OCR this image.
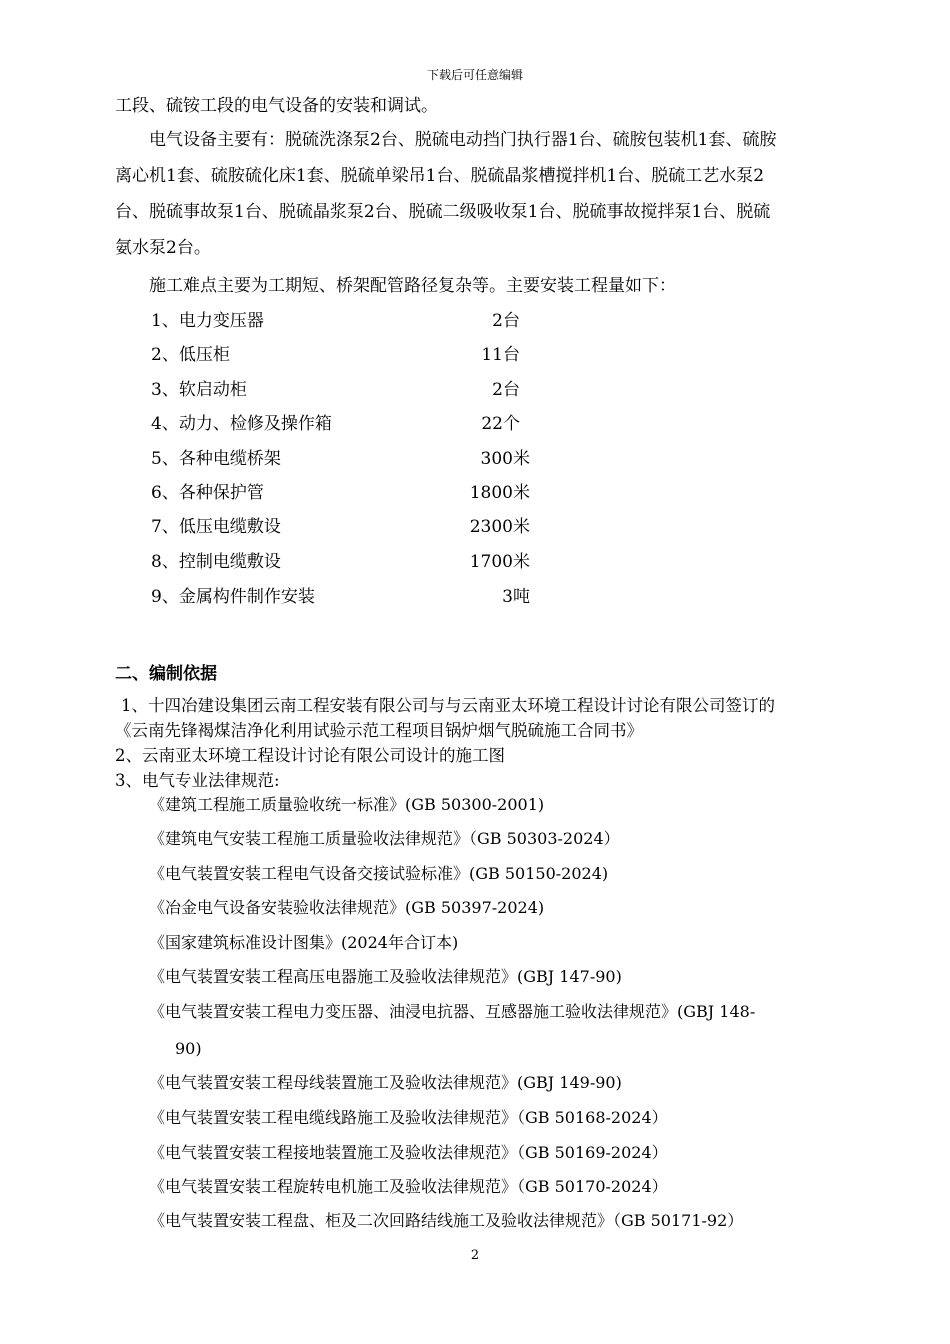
下载后可任意编辑
工段、硫铵工段的电气设备的安装和调试。
电气设备主要有：脱硫洗涤泵2台、脱硫电动挡门执行器1台、硫胺包装机1套、硫胺
离心机1套、硫胺硫化床1套、脱硫单梁吊1台、脱硫晶浆槽搅拌机1台、脱硫工艺水泵2
台、脱硫事故泵1台、脱硫晶浆泵2台、脱硫二级吸收泵1台、脱硫事故搅拌泵1台、脱硫
氨水泵2台。
施工难点主要为工期短、桥架配管路径复杂等。主要安装工程量如下：
1、电力变压器	2台
2、低压柜	11台
3、软启动柜	2台
4、动力、检修及操作箱	22个
5、各种电缆桥架	300米
6、各种保护管	1800米
7、低压电缆敷设	2300米
8、控制电缆敷设	1700米
9、金属构件制作安装	3吨
二、编制依据
1、十四冶建设集团云南工程安装有限公司与与云南亚太环境工程设计讨论有限公司签订的
《云南先锋褐煤洁净化利用试验示范工程项目锅炉烟气脱硫施工合同书》
2、云南亚太环境工程设计讨论有限公司设计的施工图
3、电气专业法律规范:
《建筑工程施工质量验收统一标准》(GB 50300-2001)
《建筑电气安装工程施工质量验收法律规范》（GB 50303-2024）
《电气装置安装工程电气设备交接试验标准》(GB 50150-2024)
《冶金电气设备安装验收法律规范》(GB 50397-2024)
《国家建筑标准设计图集》(2024年合订本)
《电气装置安装工程高压电器施工及验收法律规范》(GBJ 147-90)
《电气装置安装工程电力变压器、油浸电抗器、互感器施工验收法律规范》(GBJ 148-
90)
《电气装置安装工程母线装置施工及验收法律规范》(GBJ 149-90)
《电气装置安装工程电缆线路施工及验收法律规范》（GB 50168-2024）
《电气装置安装工程接地装置施工及验收法律规范》（GB 50169-2024）
《电气装置安装工程旋转电机施工及验收法律规范》（GB 50170-2024）
《电气装置安装工程盘、柜及二次回路结线施工及验收法律规范》（GB 50171-92）
2
